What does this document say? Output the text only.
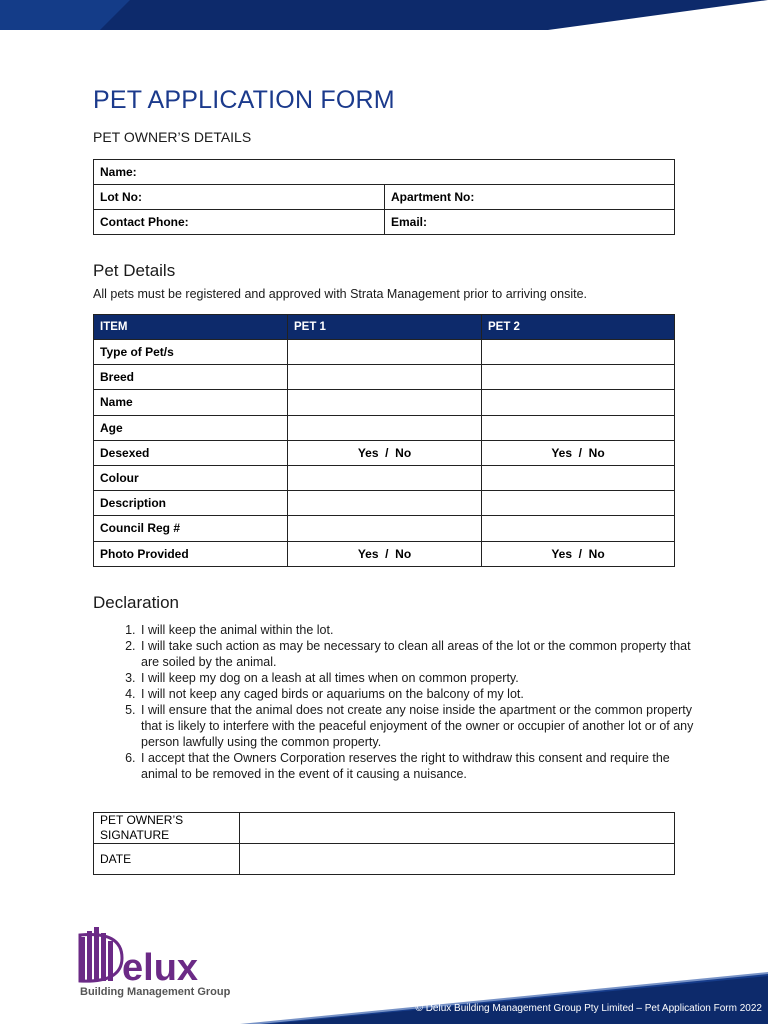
PET APPLICATION FORM
PET OWNER’S DETAILS
Name:	
Lot No:	Apartment No:
Contact Phone:	Email:
Pet Details

All pets must be registered and approved with Strata Management prior to arriving onsite.

ITEM	PET 1	PET 2
Type of Pet/s		
Breed		
Name		
Age		
Desexed	Yes  /  No	Yes  /  No
Colour		
Description		
Council Reg #		
Photo Provided	Yes  /  No	Yes  /  No
Declaration
1. I will keep the animal within the lot.
2. I will take such action as may be necessary to clean all areas of the lot or the common property that are soiled by the animal.
3. I will keep my dog on a leash at all times when on common property.
4. I will not keep any caged birds or aquariums on the balcony of my lot.
5. I will ensure that the animal does not create any noise inside the apartment or the common property that is likely to interfere with the peaceful enjoyment of the owner or occupier of another lot or of any person lawfully using the common property.
6. I accept that the Owners Corporation reserves the right to withdraw this consent and require the animal to be removed in the event of it causing a nuisance.
PET OWNER’S SIGNATURE	
DATE	
© Delux Building Management Group Pty Limited – Pet Application Form 2022
elux
Building Management Group
